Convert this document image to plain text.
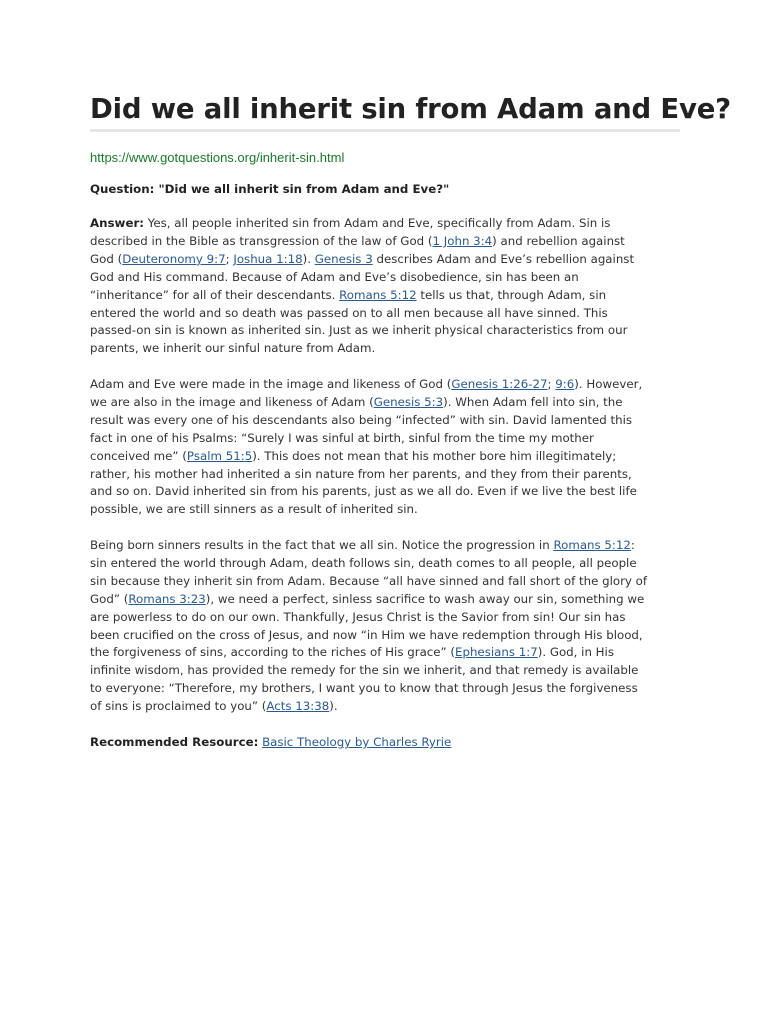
Did we all inherit sin from Adam and Eve?
https://www.gotquestions.org/inherit-sin.html
Question: "Did we all inherit sin from Adam and Eve?"
Answer: Yes, all people inherited sin from Adam and Eve, specifically from Adam. Sin is
described in the Bible as transgression of the law of God (1 John 3:4) and rebellion against
God (Deuteronomy 9:7; Joshua 1:18). Genesis 3 describes Adam and Eve’s rebellion against
God and His command. Because of Adam and Eve’s disobedience, sin has been an
“inheritance” for all of their descendants. Romans 5:12 tells us that, through Adam, sin
entered the world and so death was passed on to all men because all have sinned. This
passed-on sin is known as inherited sin. Just as we inherit physical characteristics from our
parents, we inherit our sinful nature from Adam.
Adam and Eve were made in the image and likeness of God (Genesis 1:26-27; 9:6). However,
we are also in the image and likeness of Adam (Genesis 5:3). When Adam fell into sin, the
result was every one of his descendants also being “infected” with sin. David lamented this
fact in one of his Psalms: “Surely I was sinful at birth, sinful from the time my mother
conceived me” (Psalm 51:5). This does not mean that his mother bore him illegitimately;
rather, his mother had inherited a sin nature from her parents, and they from their parents,
and so on. David inherited sin from his parents, just as we all do. Even if we live the best life
possible, we are still sinners as a result of inherited sin.
Being born sinners results in the fact that we all sin. Notice the progression in Romans 5:12:
sin entered the world through Adam, death follows sin, death comes to all people, all people
sin because they inherit sin from Adam. Because “all have sinned and fall short of the glory of
God” (Romans 3:23), we need a perfect, sinless sacrifice to wash away our sin, something we
are powerless to do on our own. Thankfully, Jesus Christ is the Savior from sin! Our sin has
been crucified on the cross of Jesus, and now “in Him we have redemption through His blood,
the forgiveness of sins, according to the riches of His grace” (Ephesians 1:7). God, in His
infinite wisdom, has provided the remedy for the sin we inherit, and that remedy is available
to everyone: “Therefore, my brothers, I want you to know that through Jesus the forgiveness
of sins is proclaimed to you” (Acts 13:38).
Recommended Resource: Basic Theology by Charles Ryrie
